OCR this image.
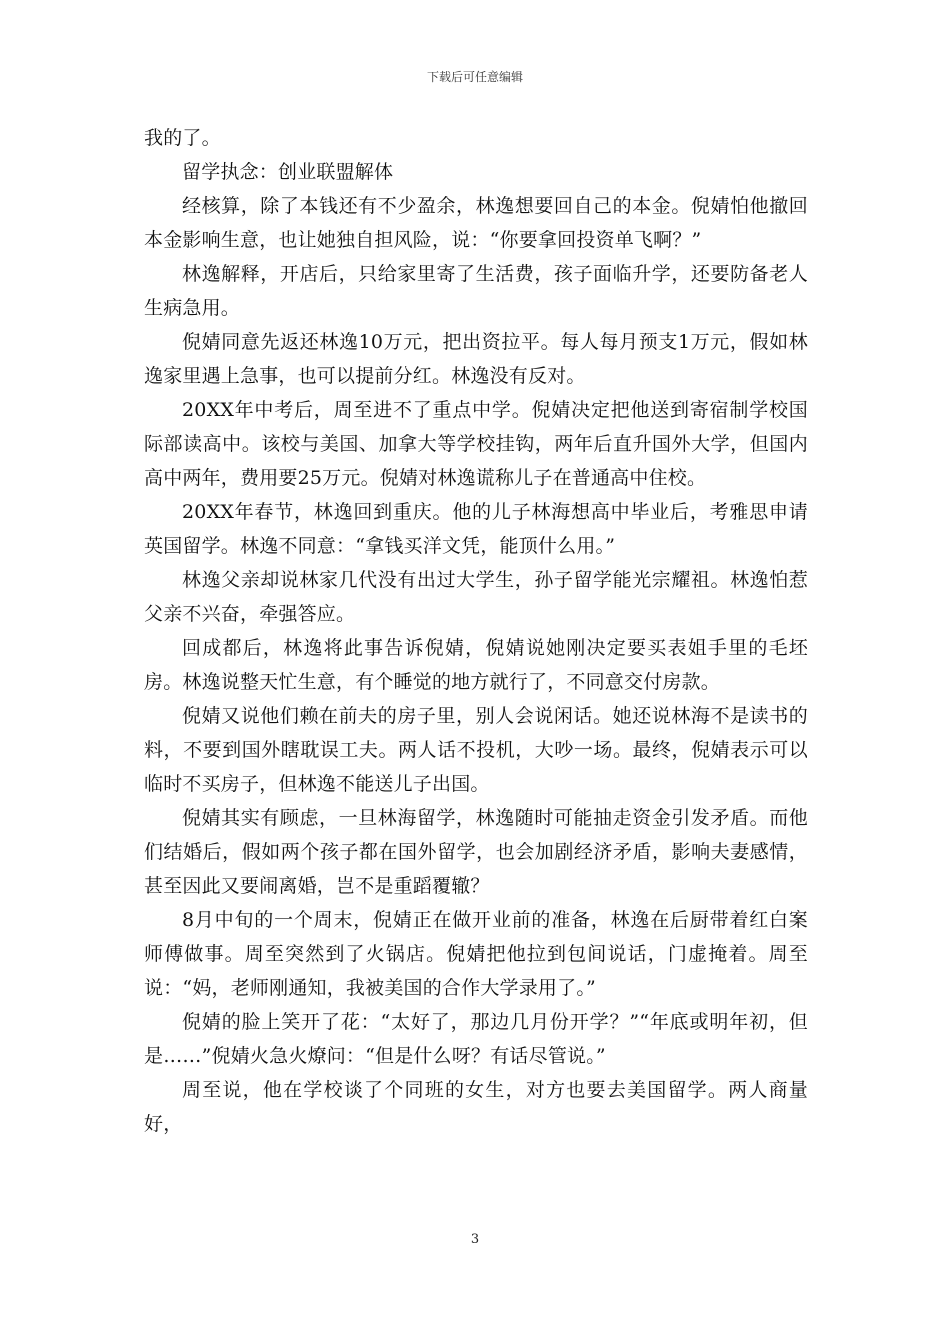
下载后可任意编辑

我的了。

留学执念：创业联盟解体

经核算，除了本钱还有不少盈余，林逸想要回自己的本金。倪婧怕他撤回本金影响生意，也让她独自担风险，说：“你要拿回投资单飞啊？”

林逸解释，开店后，只给家里寄了生活费，孩子面临升学，还要防备老人生病急用。

倪婧同意先返还林逸10万元，把出资拉平。每人每月预支1万元，假如林逸家里遇上急事，也可以提前分红。林逸没有反对。

20XX年中考后，周至进不了重点中学。倪婧决定把他送到寄宿制学校国际部读高中。该校与美国、加拿大等学校挂钩，两年后直升国外大学，但国内高中两年，费用要25万元。倪婧对林逸谎称儿子在普通高中住校。

20XX年春节，林逸回到重庆。他的儿子林海想高中毕业后，考雅思申请英国留学。林逸不同意：“拿钱买洋文凭，能顶什么用。”

林逸父亲却说林家几代没有出过大学生，孙子留学能光宗耀祖。林逸怕惹父亲不兴奋，牵强答应。

回成都后，林逸将此事告诉倪婧，倪婧说她刚决定要买表姐手里的毛坯房。林逸说整天忙生意，有个睡觉的地方就行了，不同意交付房款。

倪婧又说他们赖在前夫的房子里，别人会说闲话。她还说林海不是读书的料，不要到国外瞎耽误工夫。两人话不投机，大吵一场。最终，倪婧表示可以临时不买房子，但林逸不能送儿子出国。

倪婧其实有顾虑，一旦林海留学，林逸随时可能抽走资金引发矛盾。而他们结婚后，假如两个孩子都在国外留学，也会加剧经济矛盾，影响夫妻感情，甚至因此又要闹离婚，岂不是重蹈覆辙？

8月中旬的一个周末，倪婧正在做开业前的准备，林逸在后厨带着红白案师傅做事。周至突然到了火锅店。倪婧把他拉到包间说话，门虚掩着。周至说：“妈，老师刚通知，我被美国的合作大学录用了。”

倪婧的脸上笑开了花：“太好了，那边几月份开学？”“年底或明年初，但是……”倪婧火急火燎问：“但是什么呀？有话尽管说。”

周至说，他在学校谈了个同班的女生，对方也要去美国留学。两人商量好，

3
